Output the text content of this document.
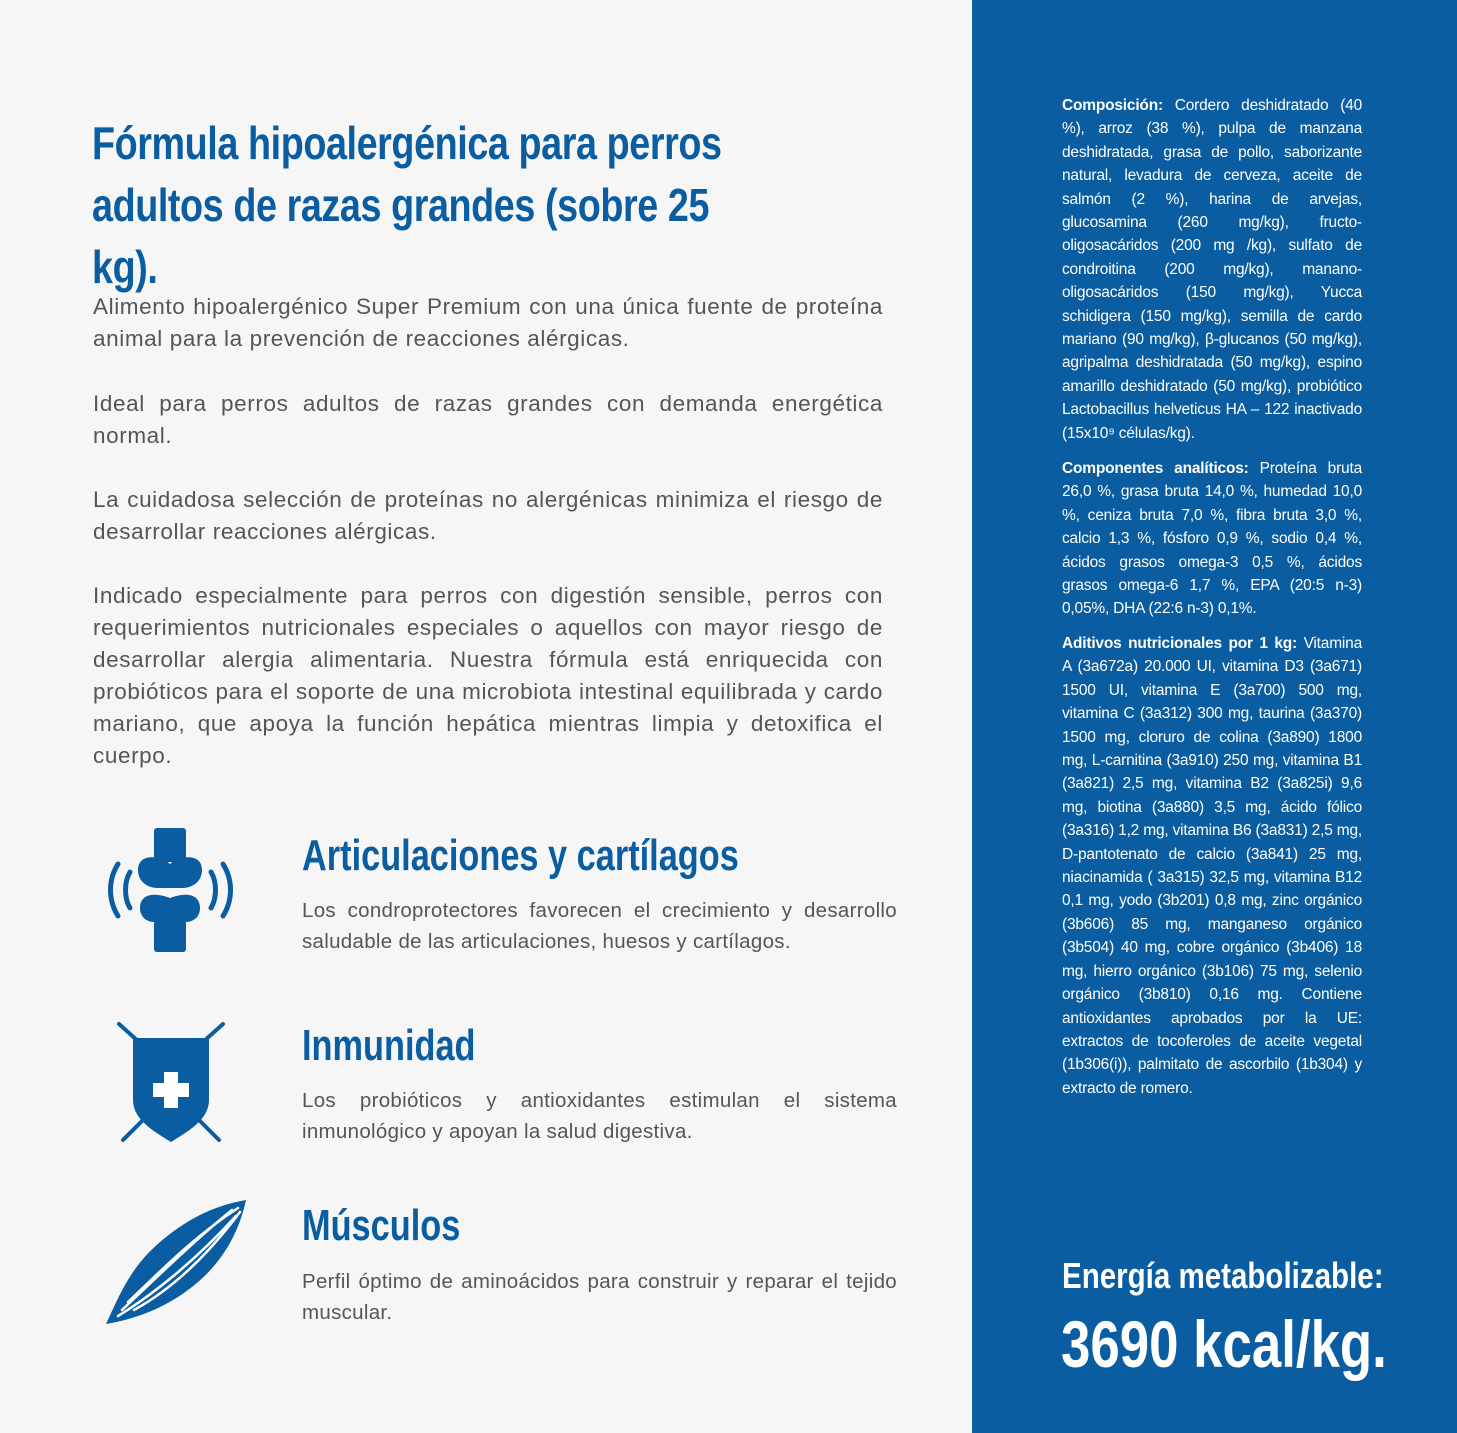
Fórmula hipoalergénica para perros
adultos de razas grandes (sobre 25 kg).

Alimento hipoalergénico Super Premium con una única fuente de proteína animal para la prevención de reacciones alérgicas.

Ideal para perros adultos de razas grandes con demanda energética normal.

La cuidadosa selección de proteínas no alergénicas minimiza el riesgo de desarrollar reacciones alérgicas.

Indicado especialmente para perros con digestión sensible, perros con requerimientos nutricionales especiales o aquellos con mayor riesgo de desarrollar alergia alimentaria. Nuestra fórmula está enriquecida con probióticos para el soporte de una microbiota intestinal equilibrada y cardo mariano, que apoya la función hepática mientras limpia y detoxifica el cuerpo.

Articulaciones y cartílagos

Los condroprotectores favorecen el crecimiento y desarrollo saludable de las articulaciones, huesos y cartílagos.

Inmunidad

Los probióticos y antioxidantes estimulan el sistema inmunológico y apoyan la salud digestiva.

Músculos

Perfil óptimo de aminoácidos para construir y reparar el tejido muscular.

Composición: Cordero deshidratado (40 %), arroz (38 %), pulpa de manzana deshidratada, grasa de pollo, saborizante natural, levadura de cerveza, aceite de salmón (2 %), harina de arvejas, glucosamina (260 mg/kg), fructo-oligosacáridos (200 mg /kg), sulfato de condroitina (200 mg/kg), manano-oligosacáridos (150 mg/kg), Yucca schidigera (150 mg/kg), semilla de cardo mariano (90 mg/kg), β-glucanos (50 mg/kg), agripalma deshidratada (50 mg/kg), espino amarillo deshidratado (50 mg/kg), probiótico Lactobacillus helveticus HA – 122 inactivado (15x10⁹ células/kg).

Componentes analíticos: Proteína bruta 26,0 %, grasa bruta 14,0 %, humedad 10,0 %, ceniza bruta 7,0 %, fibra bruta 3,0 %, calcio 1,3 %, fósforo 0,9 %, sodio 0,4 %, ácidos grasos omega-3 0,5 %, ácidos grasos omega-6 1,7 %, EPA (20:5 n-3) 0,05%, DHA (22:6 n-3) 0,1%.

Aditivos nutricionales por 1 kg: Vitamina A (3a672a) 20.000 UI, vitamina D3 (3a671) 1500 UI, vitamina E (3a700) 500 mg, vitamina C (3a312) 300 mg, taurina (3a370) 1500 mg, cloruro de colina (3a890) 1800 mg, L-carnitina (3a910) 250 mg, vitamina B1 (3a821) 2,5 mg, vitamina B2 (3a825i) 9,6 mg, biotina (3a880) 3,5 mg, ácido fólico (3a316) 1,2 mg, vitamina B6 (3a831) 2,5 mg, D-pantotenato de calcio (3a841) 25 mg, niacinamida ( 3a315) 32,5 mg, vitamina B12 0,1 mg, yodo (3b201) 0,8 mg, zinc orgánico (3b606) 85 mg, manganeso orgánico (3b504) 40 mg, cobre orgánico (3b406) 18 mg, hierro orgánico (3b106) 75 mg, selenio orgánico (3b810) 0,16 mg. Contiene antioxidantes aprobados por la UE: extractos de tocoferoles de aceite vegetal (1b306(i)), palmitato de ascorbilo (1b304) y extracto de romero.

Energía metabolizable:
3690 kcal/kg.
